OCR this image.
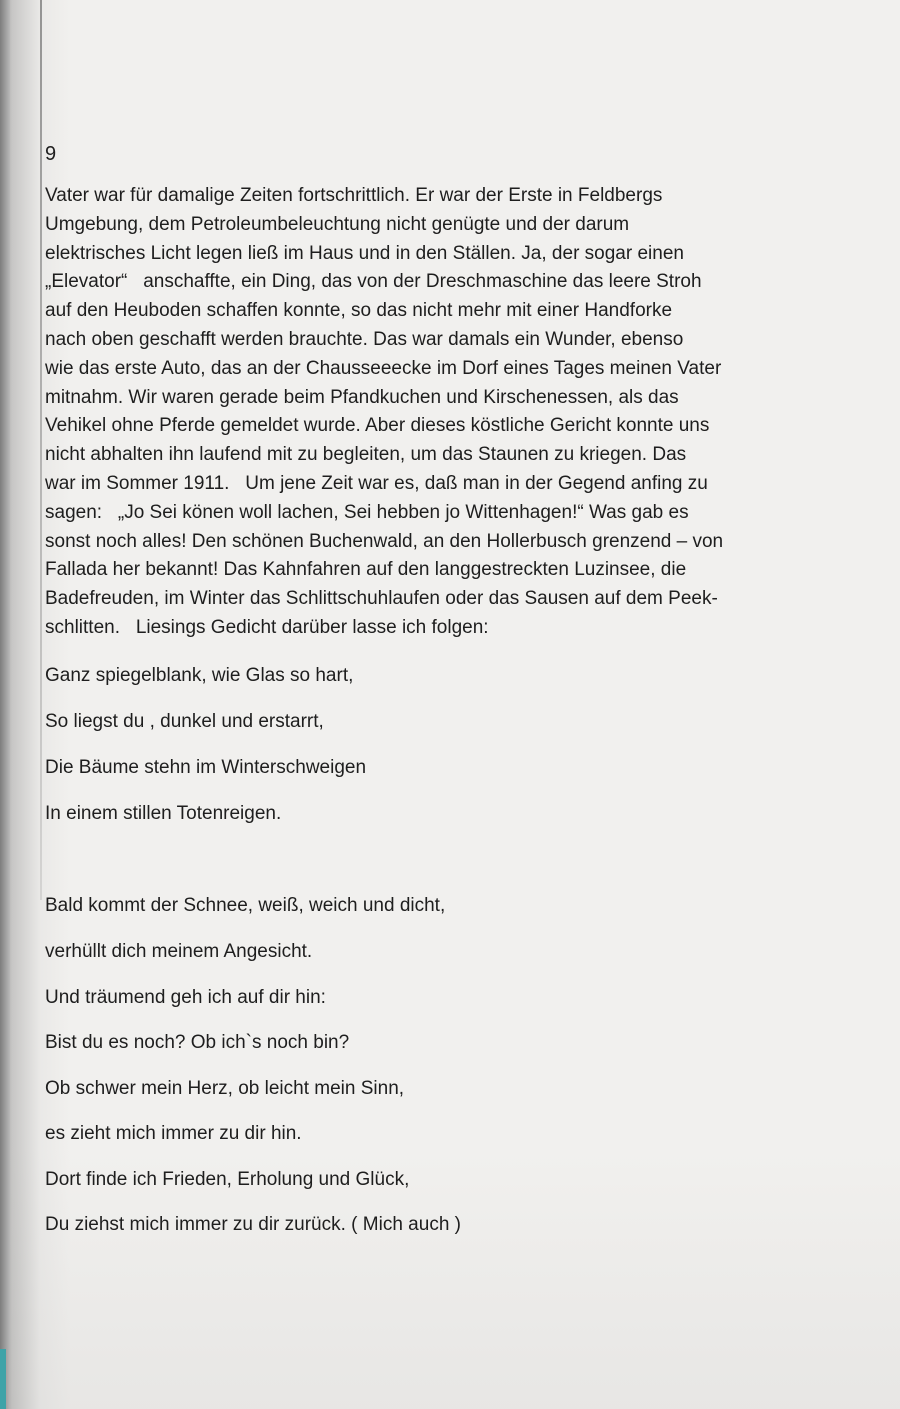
9
Vater war für damalige Zeiten fortschrittlich. Er war der Erste in Feldbergs
Umgebung, dem Petroleumbeleuchtung nicht genügte und der darum
elektrisches Licht legen ließ im Haus und in den Ställen. Ja, der sogar einen
„Elevator“   anschaffte, ein Ding, das von der Dreschmaschine das leere Stroh
auf den Heuboden schaffen konnte, so das nicht mehr mit einer Handforke
nach oben geschafft werden brauchte. Das war damals ein Wunder, ebenso
wie das erste Auto, das an der Chausseeecke im Dorf eines Tages meinen Vater
mitnahm. Wir waren gerade beim Pfandkuchen und Kirschenessen, als das
Vehikel ohne Pferde gemeldet wurde. Aber dieses köstliche Gericht konnte uns
nicht abhalten ihn laufend mit zu begleiten, um das Staunen zu kriegen. Das
war im Sommer 1911.   Um jene Zeit war es, daß man in der Gegend anfing zu
sagen:   „Jo Sei könen woll lachen, Sei hebben jo Wittenhagen!“ Was gab es
sonst noch alles! Den schönen Buchenwald, an den Hollerbusch grenzend – von
Fallada her bekannt! Das Kahnfahren auf den langgestreckten Luzinsee, die
Badefreuden, im Winter das Schlittschuhlaufen oder das Sausen auf dem Peek-
schlitten.   Liesings Gedicht darüber lasse ich folgen:
Ganz spiegelblank, wie Glas so hart,
So liegst du , dunkel und erstarrt,
Die Bäume stehn im Winterschweigen
In einem stillen Totenreigen.
Bald kommt der Schnee, weiß, weich und dicht,
verhüllt dich meinem Angesicht.
Und träumend geh ich auf dir hin:
Bist du es noch? Ob ich`s noch bin?
Ob schwer mein Herz, ob leicht mein Sinn,
es zieht mich immer zu dir hin.
Dort finde ich Frieden, Erholung und Glück,
Du ziehst mich immer zu dir zurück. ( Mich auch )
